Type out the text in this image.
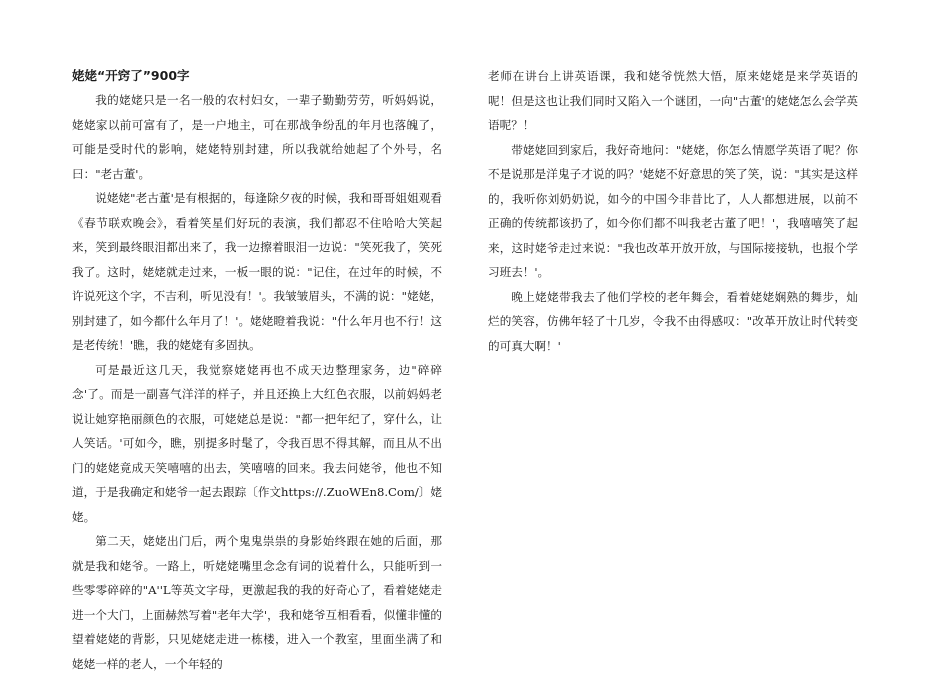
姥姥“开窍了”900字

我的姥姥只是一名一般的农村妇女，一辈子勤勤劳劳，听妈妈说，姥姥家以前可富有了，是一户地主，可在那战争纷乱的年月也落魄了，可能是受时代的影响，姥姥特别封建，所以我就给她起了个外号，名曰："老古董'。

说姥姥"老古董'是有根据的，每逢除夕夜的时候，我和哥哥姐姐观看《春节联欢晚会》，看着笑星们好玩的表演，我们都忍不住哈哈大笑起来，笑到最终眼泪都出来了，我一边擦着眼泪一边说："笑死我了，笑死我了。这时，姥姥就走过来，一板一眼的说："记住，在过年的时候，不许说死这个字，不吉利，听见没有！'。我皱皱眉头，不满的说："姥姥，别封建了，如今都什么年月了！'。姥姥瞪着我说："什么年月也不行！这是老传统！'瞧，我的姥姥有多固执。

可是最近这几天，我觉察姥姥再也不成天边整理家务，边"碎碎念'了。而是一副喜气洋洋的样子，并且还换上大红色衣服，以前妈妈老说让她穿艳丽颜色的衣服，可姥姥总是说："都一把年纪了，穿什么，让人笑话。'可如今，瞧，别提多时髦了，令我百思不得其解，而且从不出门的姥姥竟成天笑嘻嘻的出去，笑嘻嘻的回来。我去问姥爷，他也不知道，于是我确定和姥爷一起去跟踪〔作文https://.ZuoWEn8.Com/〕姥姥。

第二天，姥姥出门后，两个鬼鬼祟祟的身影始终跟在她的后面，那就是我和姥爷。一路上，听姥姥嘴里念念有词的说着什么，只能听到一些零零碎碎的"A''L等英文字母，更激起我的我的好奇心了，看着姥姥走进一个大门，上面赫然写着"老年大学'，我和姥爷互相看看，似懂非懂的望着姥姥的背影，只见姥姥走进一栋楼，进入一个教室，里面坐满了和姥姥一样的老人，一个年轻的

老师在讲台上讲英语课，我和姥爷恍然大悟，原来姥姥是来学英语的呢！但是这也让我们同时又陷入一个谜团，一向"古董'的姥姥怎么会学英语呢？！

带姥姥回到家后，我好奇地问："姥姥，你怎么情愿学英语了呢？你不是说那是洋鬼子才说的吗？'姥姥不好意思的笑了笑，说："其实是这样的，我听你刘奶奶说，如今的中国今非昔比了，人人都想进展，以前不正确的传统都该扔了，如今你们都不叫我老古董了吧！'，我嘻嘻笑了起来，这时姥爷走过来说："我也改革开放开放，与国际接接轨，也报个学习班去！'。

晚上姥姥带我去了他们学校的老年舞会，看着姥姥娴熟的舞步，灿烂的笑容，仿佛年轻了十几岁，令我不由得感叹："改革开放让时代转变的可真大啊！'
